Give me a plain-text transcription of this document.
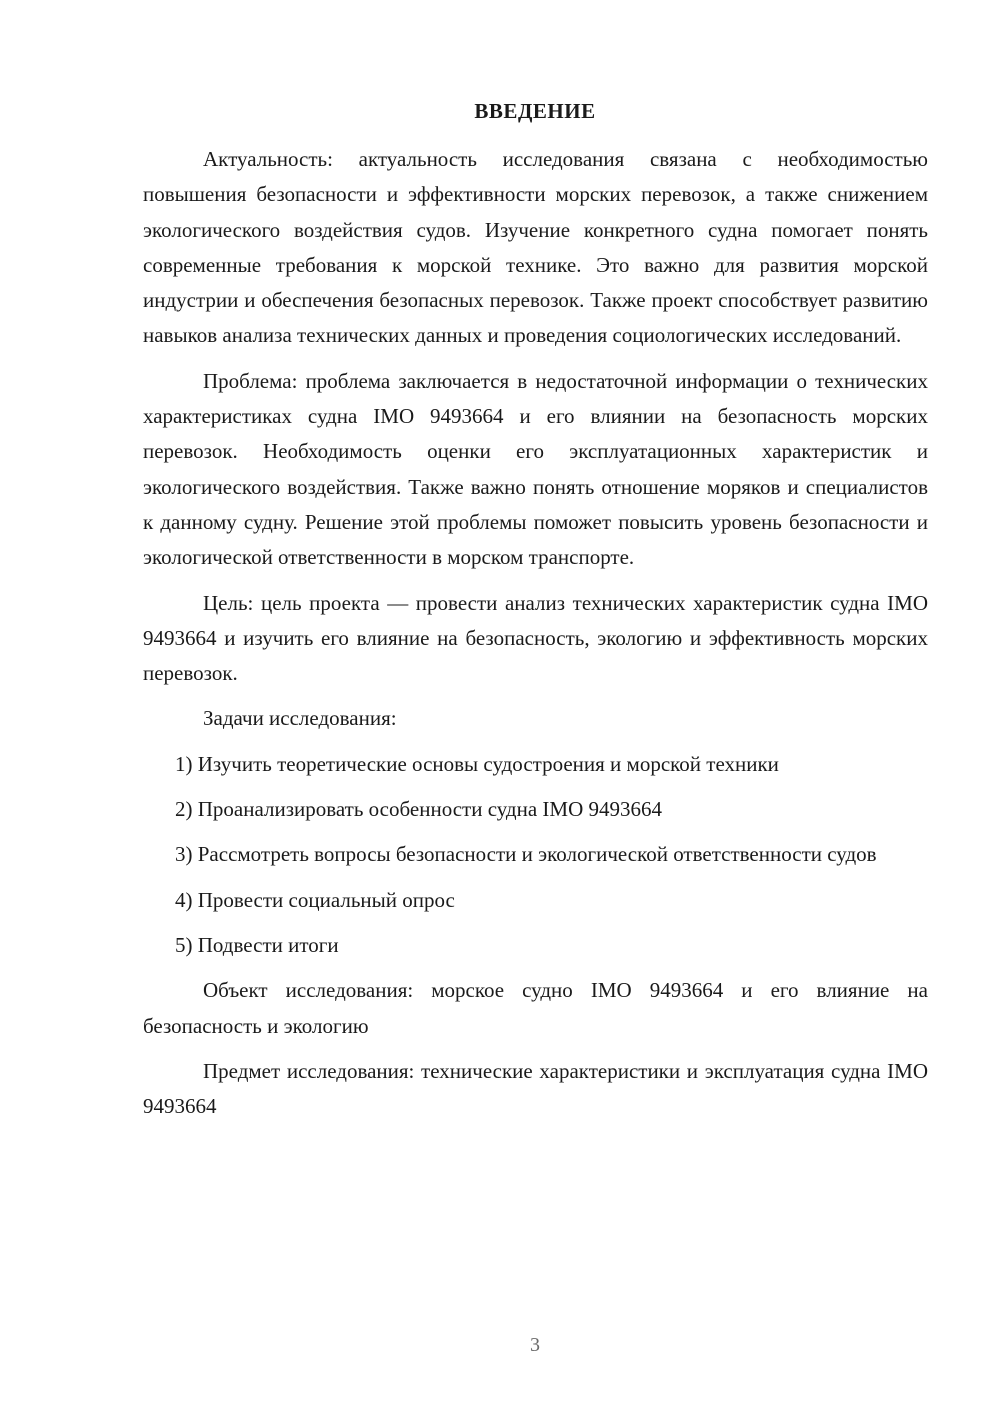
ВВЕДЕНИЕ

Актуальность: актуальность исследования связана с необходимостью повышения безопасности и эффективности морских перевозок, а также снижением экологического воздействия судов. Изучение конкретного судна помогает понять современные требования к морской технике. Это важно для развития морской индустрии и обеспечения безопасных перевозок. Также проект способствует развитию навыков анализа технических данных и проведения социологических исследований.

Проблема: проблема заключается в недостаточной информации о технических характеристиках судна IMO 9493664 и его влиянии на безопасность морских перевозок. Необходимость оценки его эксплуатационных характеристик и экологического воздействия. Также важно понять отношение моряков и специалистов к данному судну. Решение этой проблемы поможет повысить уровень безопасности и экологической ответственности в морском транспорте.

Цель: цель проекта — провести анализ технических характеристик судна IMO 9493664 и изучить его влияние на безопасность, экологию и эффективность морских перевозок.

Задачи исследования:

1) Изучить теоретические основы судостроения и морской техники

2) Проанализировать особенности судна IMO 9493664

3) Рассмотреть вопросы безопасности и экологической ответственности судов

4) Провести социальный опрос

5) Подвести итоги

Объект исследования: морское судно IMO 9493664 и его влияние на безопасность и экологию

Предмет исследования: технические характеристики и эксплуатация судна IMO 9493664

3
